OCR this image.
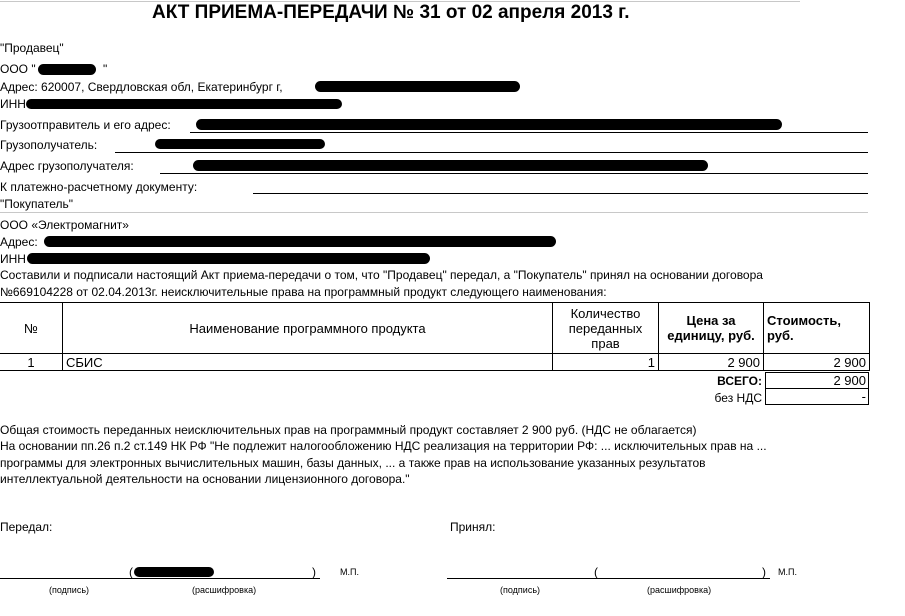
АКТ ПРИЕМА-ПЕРЕДАЧИ № 31 от 02 апреля 2013 г.
"Продавец"
ООО "	"
Адрес: 620007, Свердловская обл, Екатеринбург г,
ИНН
Грузоотправитель и его адрес:
Грузополучатель:
Адрес грузополучателя:
К платежно-расчетному документу:
"Покупатель"
ООО «Электромагнит»
Адрес:
ИНН
Составили и подписали настоящий Акт приема-передачи о том, что "Продавец" передал, а "Покупатель" принял на основании договора
№669104228 от 02.04.2013г. неисключительные права на программный продукт следующего наименования:
№	Наименование программного продукта	Количество переданных прав	Цена за единицу, руб.	Стоимость, руб.
1	СБИС	1	2 900	2 900
ВСЕГО:	2 900
без НДС	-
Общая стоимость переданных неисключительных прав на программный продукт составляет 2 900 руб. (НДС не облагается)
На основании пп.26 п.2 ст.149 НК РФ "Не подлежит налогообложению НДС реализация на территории РФ: ... исключительных прав на ...
программы для электронных вычислительных машин, базы данных, ... а также прав на использование указанных результатов
интеллектуальной деятельности на основании лицензионного договора."
Передал:	Принял:
(	)	М.П.
(подпись)	(расшифровка)
(	) М.П.
(подпись)	(расшифровка)
